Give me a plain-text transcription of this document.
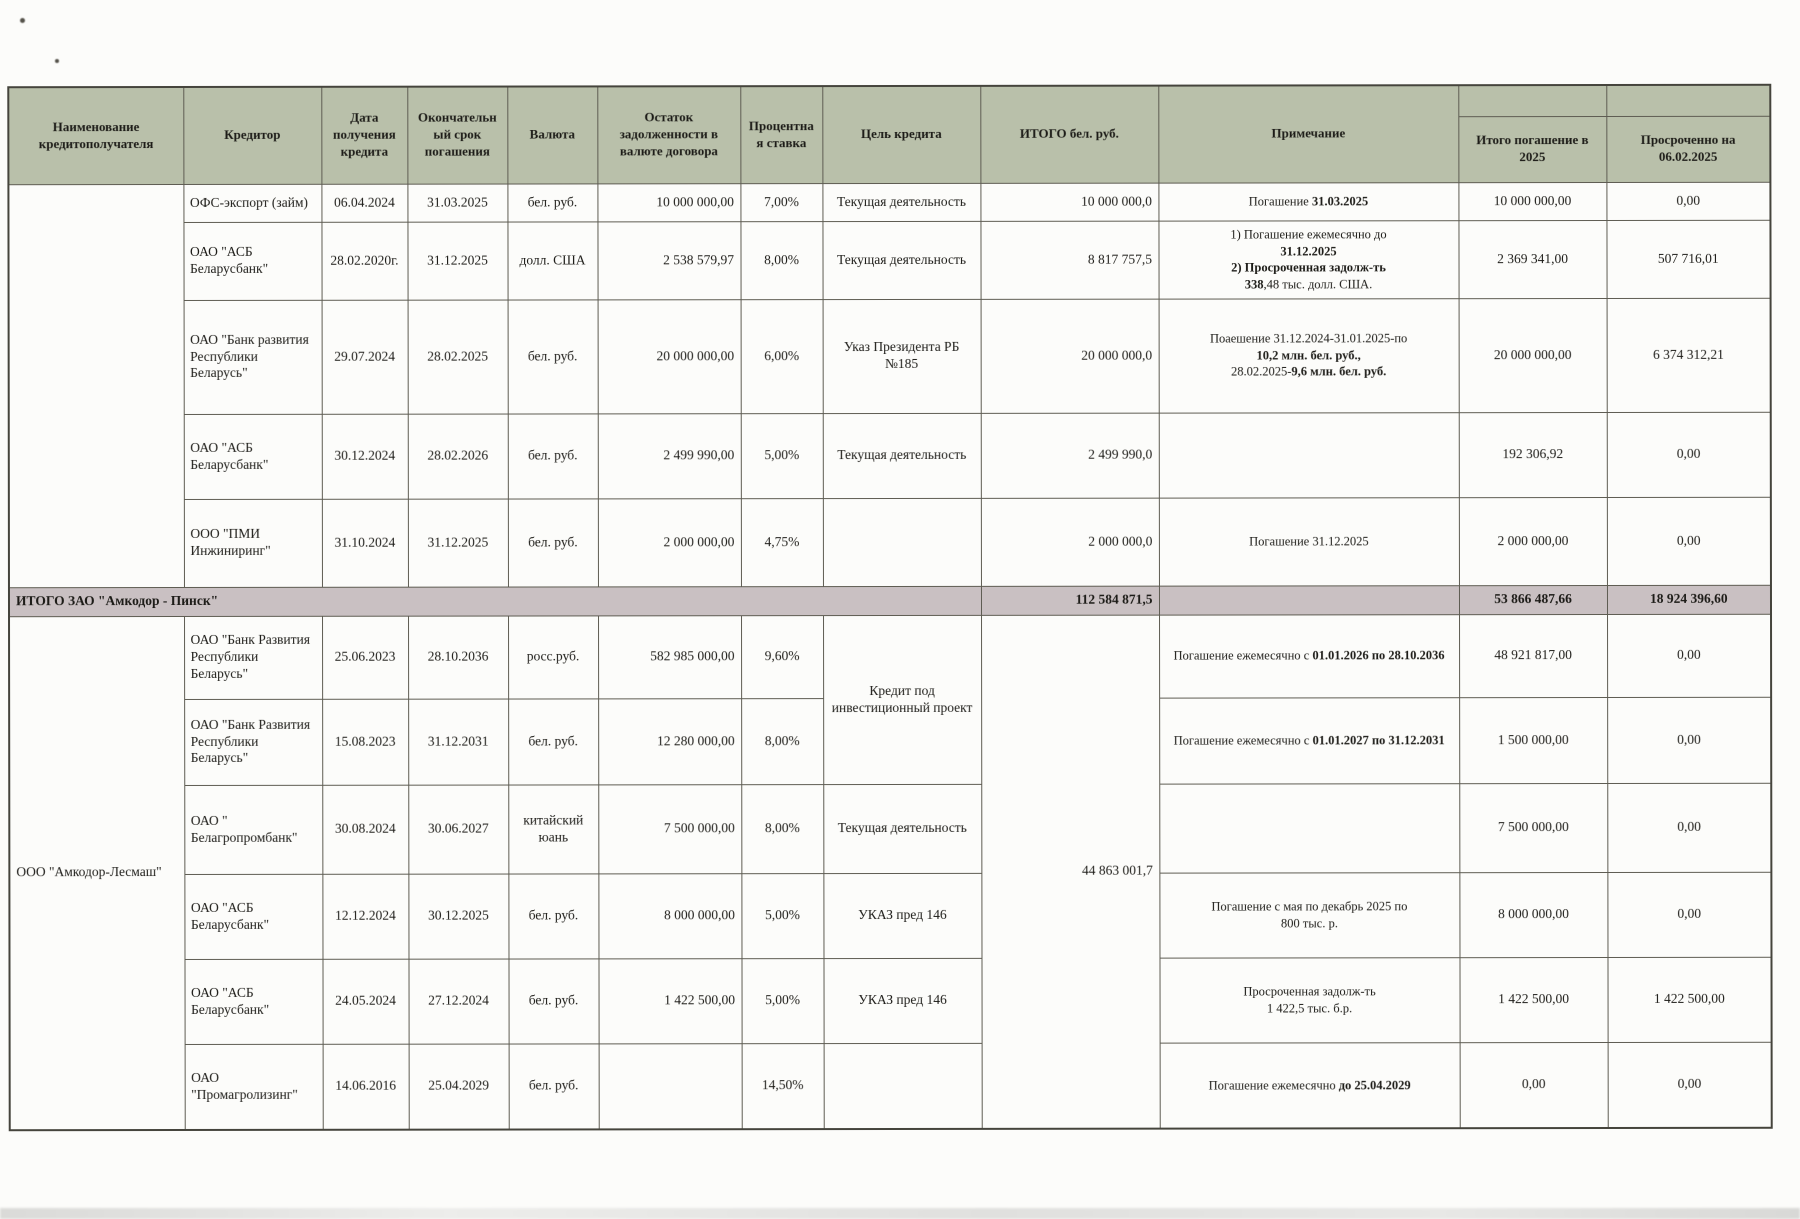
Наименование кредитополучателя	Кредитор	Дата получения кредита	Окончательный срок погашения	Валюта	Остаток задолженности в валюте договора	Процентная ставка	Цель кредита	ИТОГО бел. руб.	Примечание		
										Итого погашение в 2025	Просроченно на 06.02.2025
	ОФС-экспорт (займ)	06.04.2024	31.03.2025	бел. руб.	10 000 000,00	7,00%	Текущая деятельность	10 000 000,0	Погашение 31.03.2025	10 000 000,00	0,00
	ОАО "АСБ Беларусбанк"	28.02.2020г.	31.12.2025	долл. США	2 538 579,97	8,00%	Текущая деятельность	8 817 757,5	1) Погашение ежемесячно до
31.12.2025
2) Просроченная задолж-ть
338,48 тыс. долл. США.	2 369 341,00	507 716,01
	ОАО "Банк развития Республики Беларусь"	29.07.2024	28.02.2025	бел. руб.	20 000 000,00	6,00%	Указ Президента РБ №185	20 000 000,0	Поаешение 31.12.2024-31.01.2025-по
10,2 млн. бел. руб.,
28.02.2025-9,6 млн. бел. руб.	20 000 000,00	6 374 312,21
	ОАО "АСБ Беларусбанк"	30.12.2024	28.02.2026	бел. руб.	2 499 990,00	5,00%	Текущая деятельность	2 499 990,0		192 306,92	0,00
	ООО "ПМИ Инжиниринг"	31.10.2024	31.12.2025	бел. руб.	2 000 000,00	4,75%		2 000 000,0	Погашение 31.12.2025	2 000 000,00	0,00
ИТОГО ЗАО "Амкодор - Пинск"								112 584 871,5		53 866 487,66	18 924 396,60
ООО "Амкодор-Лесмаш"	ОАО "Банк Развития Республики Беларусь"	25.06.2023	28.10.2036	росс.руб.	582 985 000,00	9,60%	Кредит под инвестиционный проект	44 863 001,7	Погашение ежемесячно с 01.01.2026 по 28.10.2036	48 921 817,00	0,00
	ОАО "Банк Развития Республики Беларусь"	15.08.2023	31.12.2031	бел. руб.	12 280 000,00	8,00%			Погашение ежемесячно с 01.01.2027 по 31.12.2031	1 500 000,00	0,00
	ОАО " Белагропромбанк"	30.08.2024	30.06.2027	китайский юань	7 500 000,00	8,00%	Текущая деятельность			7 500 000,00	0,00
	ОАО "АСБ Беларусбанк"	12.12.2024	30.12.2025	бел. руб.	8 000 000,00	5,00%	УКАЗ пред 146		Погашение с мая по декабрь 2025 по
800 тыс. р.	8 000 000,00	0,00
	ОАО "АСБ Беларусбанк"	24.05.2024	27.12.2024	бел. руб.	1 422 500,00	5,00%	УКАЗ пред 146		Просроченная задолж-ть
1 422,5 тыс. б.р.	1 422 500,00	1 422 500,00
	ОАО "Промагролизинг"	14.06.2016	25.04.2029	бел. руб.		14,50%			Погашение ежемесячно до 25.04.2029	0,00	0,00
